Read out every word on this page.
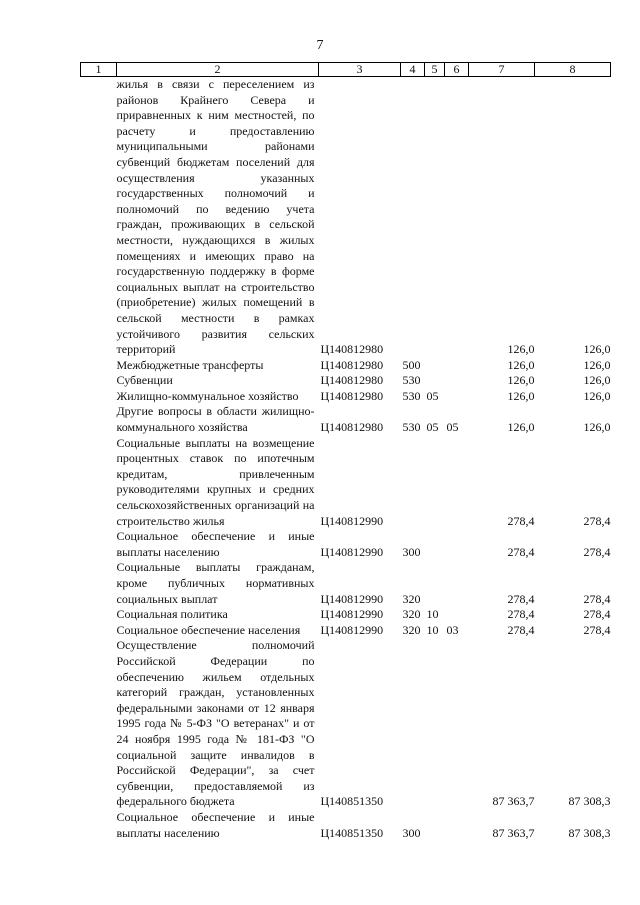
7
1	2	3	4	5	6	7	8
	жилья в связи с переселением из районов Крайнего Севера и приравненных к ним местностей, по расчету и предоставлению муниципальными районами субвенций бюджетам поселений для осуществления указанных государственных полномочий и полномочий по ведению учета граждан, проживающих в сельской местности, нуждающихся в жилых помещениях и имеющих право на государственную поддержку в форме социальных выплат на строительство (приобретение) жилых помещений в сельской местности в рамках устойчивого развития сельских территорий	Ц140812980				126,0	126,0
	Межбюджетные трансферты	Ц140812980	500			126,0	126,0
	Субвенции	Ц140812980	530			126,0	126,0
	Жилищно-коммунальное хозяйство	Ц140812980	530	05		126,0	126,0
	Другие вопросы в области жилищно-коммунального хозяйства	Ц140812980	530	05	05	126,0	126,0
	Социальные выплаты на возмещение процентных ставок по ипотечным кредитам, привлеченным руководителями крупных и средних сельскохозяйственных организаций на строительство жилья	Ц140812990				278,4	278,4
	Социальное обеспечение и иные выплаты населению	Ц140812990	300			278,4	278,4
	Социальные выплаты гражданам, кроме публичных нормативных социальных выплат	Ц140812990	320			278,4	278,4
	Социальная политика	Ц140812990	320	10		278,4	278,4
	Социальное обеспечение населения	Ц140812990	320	10	03	278,4	278,4
	Осуществление полномочий Российской Федерации по обеспечению жильем отдельных категорий граждан, установленных федеральными законами от 12 января 1995 года № 5-ФЗ "О ветеранах" и от 24 ноября 1995 года № 181-ФЗ "О социальной защите инвалидов в Российской Федерации", за счет субвенции, предоставляемой из федерального бюджета	Ц140851350				87 363,7	87 308,3
	Социальное обеспечение и иные выплаты населению	Ц140851350	300			87 363,7	87 308,3
